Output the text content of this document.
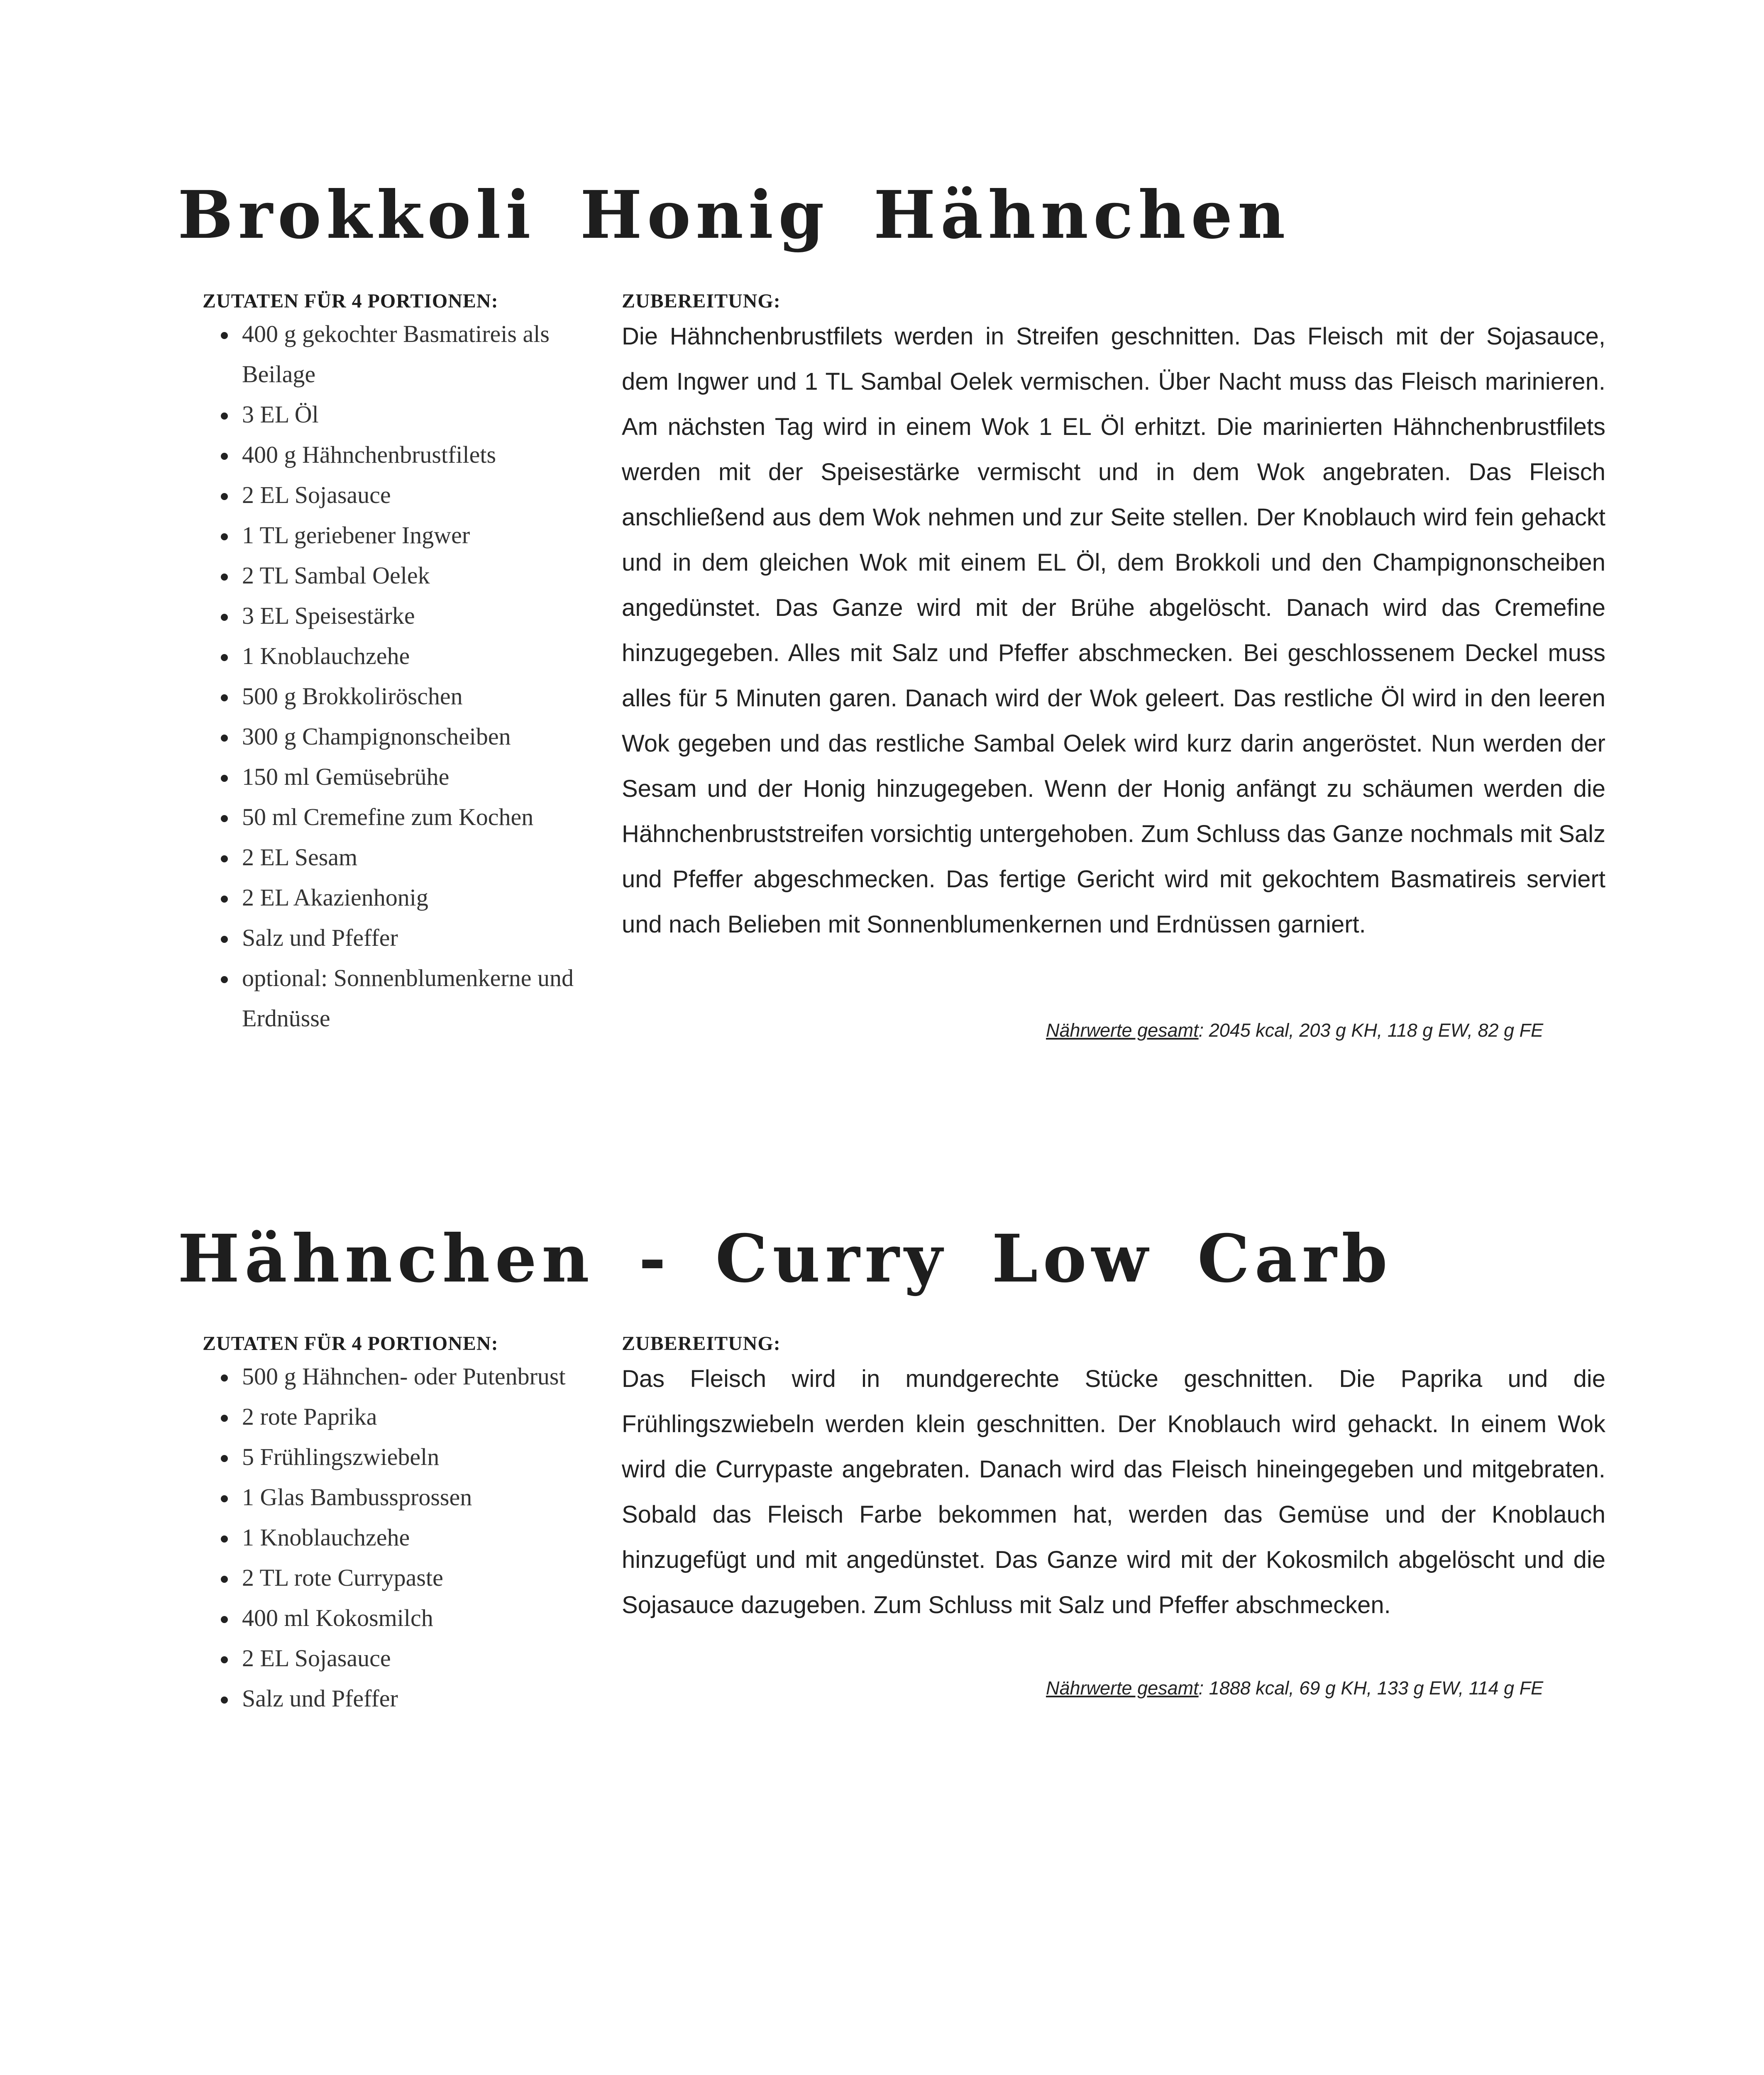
Brokkoli Honig Hähnchen
ZUTATEN FÜR 4 PORTIONEN:
400 g gekochter Basmatireis als Beilage
3 EL Öl
400 g Hähnchenbrustfilets
2 EL Sojasauce
1 TL geriebener Ingwer
2 TL Sambal Oelek
3 EL Speisestärke
1 Knoblauchzehe
500 g Brokkoliröschen
300 g Champignonscheiben
150 ml Gemüsebrühe
50 ml Cremefine zum Kochen
2 EL Sesam
2 EL Akazienhonig
Salz und Pfeffer
optional: Sonnenblumenkerne und Erdnüsse
ZUBEREITUNG:

Die Hähnchenbrustfilets werden in Streifen geschnitten. Das Fleisch mit der Sojasauce, dem Ingwer und 1 TL Sambal Oelek vermischen. Über Nacht muss das Fleisch marinieren. Am nächsten Tag wird in einem Wok 1 EL Öl erhitzt. Die marinierten Hähnchenbrustfilets werden mit der Speisestärke vermischt und in dem Wok angebraten. Das Fleisch anschließend aus dem Wok nehmen und zur Seite stellen. Der Knoblauch wird fein gehackt und in dem gleichen Wok mit einem EL Öl, dem Brokkoli und den Champignonscheiben angedünstet. Das Ganze wird mit der Brühe abgelöscht. Danach wird das Cremefine hinzugegeben. Alles mit Salz und Pfeffer abschmecken. Bei geschlossenem Deckel muss alles für 5 Minuten garen. Danach wird der Wok geleert. Das restliche Öl wird in den leeren Wok gegeben und das restliche Sambal Oelek wird kurz darin angeröstet. Nun werden der Sesam und der Honig hinzugegeben. Wenn der Honig anfängt zu schäumen werden die Hähnchenbruststreifen vorsichtig untergehoben. Zum Schluss das Ganze nochmals mit Salz und Pfeffer abgeschmecken. Das fertige Gericht wird mit gekochtem Basmatireis serviert und nach Belieben mit Sonnenblumenkernen und Erdnüssen garniert.

Nährwerte gesamt: 2045 kcal, 203 g KH, 118 g EW, 82 g FE
Hähnchen - Curry Low Carb
ZUTATEN FÜR 4 PORTIONEN:
500 g Hähnchen- oder Putenbrust
2 rote Paprika
5 Frühlingszwiebeln
1 Glas Bambussprossen
1 Knoblauchzehe
2 TL rote Currypaste
400 ml Kokosmilch
2 EL Sojasauce
Salz und Pfeffer
ZUBEREITUNG:

Das Fleisch wird in mundgerechte Stücke geschnitten. Die Paprika und die Frühlingszwiebeln werden klein geschnitten. Der Knoblauch wird gehackt. In einem Wok wird die Currypaste angebraten. Danach wird das Fleisch hineingegeben und mitgebraten. Sobald das Fleisch Farbe bekommen hat, werden das Gemüse und der Knoblauch hinzugefügt und mit angedünstet. Das Ganze wird mit der Kokosmilch abgelöscht und die Sojasauce dazugeben. Zum Schluss mit Salz und Pfeffer abschmecken.

Nährwerte gesamt: 1888 kcal, 69 g KH, 133 g EW, 114 g FE
